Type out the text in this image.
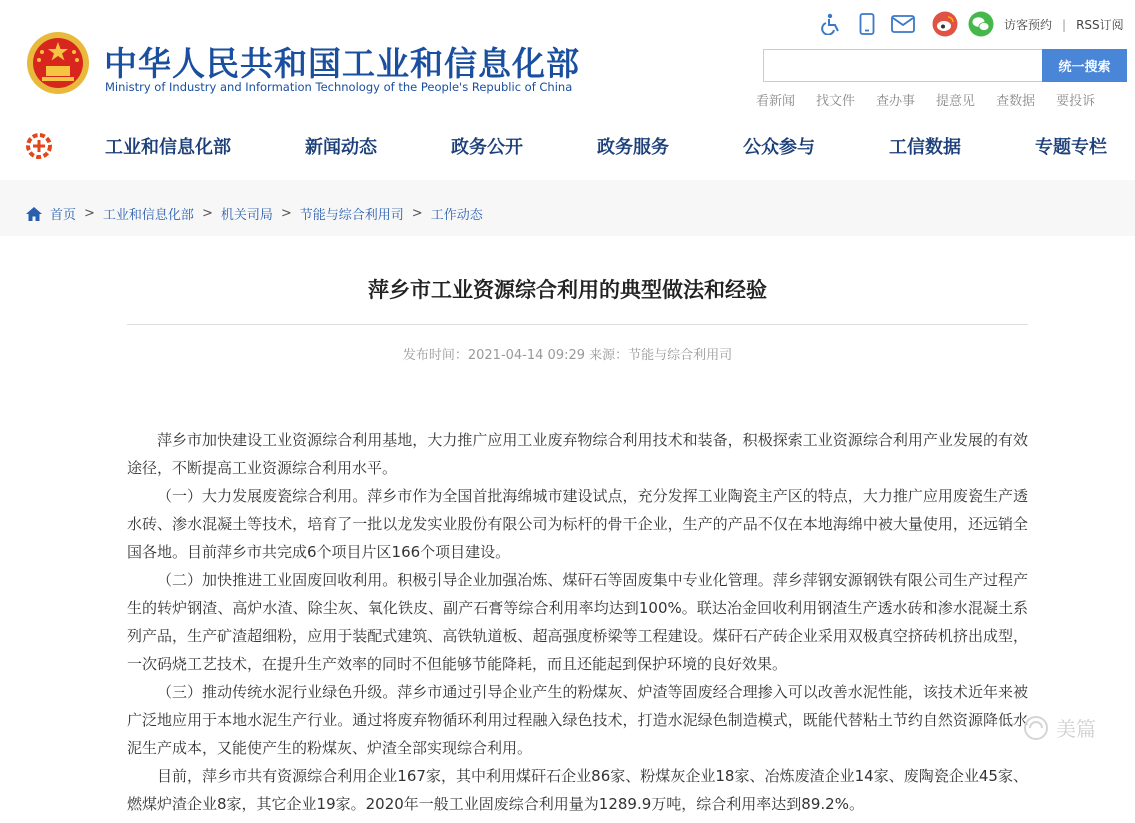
中华人民共和国工业和信息化部
Ministry of Industry and Information Technology of the People's Republic of China
访客预约 | RSS订阅
统一搜索
看新闻 找文件 查办事 提意见 查数据 要投诉
工业和信息化部	新闻动态	政务公开	政务服务	公众参与	工信数据	专题专栏
首页 > 工业和信息化部 > 机关司局 > 节能与综合利用司 > 工作动态
萍乡市工业资源综合利用的典型做法和经验
发布时间：2021-04-14 09:29 来源：节能与综合利用司

萍乡市加快建设工业资源综合利用基地，大力推广应用工业废弃物综合利用技术和装备，积极探索工业资源综合利用产业发展的有效途径，不断提高工业资源综合利用水平。

（一）大力发展废瓷综合利用。萍乡市作为全国首批海绵城市建设试点，充分发挥工业陶瓷主产区的特点，大力推广应用废瓷生产透水砖、渗水混凝土等技术，培育了一批以龙发实业股份有限公司为标杆的骨干企业，生产的产品不仅在本地海绵中被大量使用，还远销全国各地。目前萍乡市共完成6个项目片区166个项目建设。

（二）加快推进工业固废回收利用。积极引导企业加强冶炼、煤矸石等固废集中专业化管理。萍乡萍钢安源钢铁有限公司生产过程产生的转炉钢渣、高炉水渣、除尘灰、氧化铁皮、副产石膏等综合利用率均达到100%。联达冶金回收利用钢渣生产透水砖和渗水混凝土系列产品，生产矿渣超细粉，应用于装配式建筑、高铁轨道板、超高强度桥梁等工程建设。煤矸石产砖企业采用双极真空挤砖机挤出成型，一次码烧工艺技术，在提升生产效率的同时不但能够节能降耗，而且还能起到保护环境的良好效果。

（三）推动传统水泥行业绿色升级。萍乡市通过引导企业产生的粉煤灰、炉渣等固废经合理掺入可以改善水泥性能，该技术近年来被广泛地应用于本地水泥生产行业。通过将废弃物循环利用过程融入绿色技术，打造水泥绿色制造模式，既能代替粘土节约自然资源降低水泥生产成本，又能使产生的粉煤灰、炉渣全部实现综合利用。

目前，萍乡市共有资源综合利用企业167家，其中利用煤矸石企业86家、粉煤灰企业18家、冶炼废渣企业14家、废陶瓷企业45家、燃煤炉渣企业8家，其它企业19家。2020年一般工业固废综合利用量为1289.9万吨，综合利用率达到89.2%。

美篇
